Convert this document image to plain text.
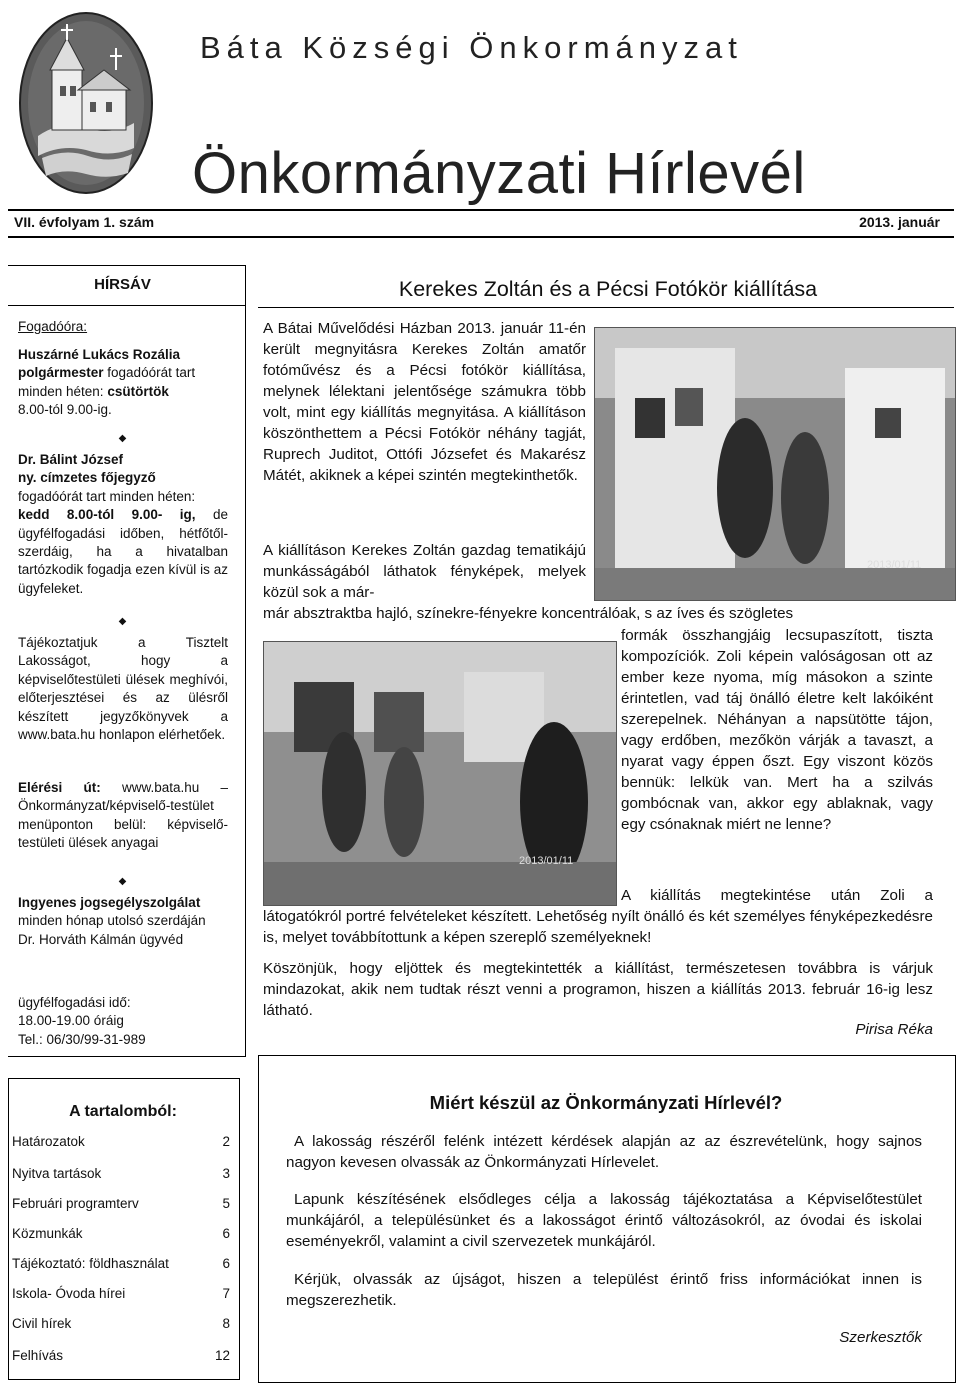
Báta Községi Önkormányzat
Önkormányzati Hírlevél
VII. évfolyam 1. szám	2013. január
HÍRSÁV
Fogadóóra:
Huszárné Lukács Rozália
polgármester fogadóórát tart
minden héten: csütörtök
8.00-tól 9.00-ig.
◆
Dr. Bálint József
ny. címzetes főjegyző
fogadóórát tart minden héten:
kedd 8.00-tól 9.00- ig, de ügyfélfogadási időben, hétfőtől- szerdáig, ha a hivatalban tartózkodik fogadja ezen kívül is az ügyfeleket.
◆
Tájékoztatjuk a Tisztelt Lakosságot, hogy a képviselőtestületi ülések meghívói, előterjesztései és az ülésről készített jegyzőkönyvek a www.bata.hu honlapon elérhetőek.
Elérési út: www.bata.hu – Önkormányzat/képviselő-testület menüponton belül: képviselő-testületi ülések anyagai
◆
Ingyenes jogsegélyszolgálat
minden hónap utolsó szerdáján
Dr. Horváth Kálmán ügyvéd
ügyfélfogadási idő:
18.00-19.00 óráig
Tel.: 06/30/99-31-989
Kerekes Zoltán és a Pécsi Fotókör kiállítása
A Bátai Művelődési Házban 2013. január 11-én került megnyitásra Kerekes Zoltán amatőr fotóművész és a Pécsi fotókör kiállítása, melynek lélektani jelentősége számukra több volt, mint egy kiállítás megnyitása. A kiállításon köszönthettem a Pécsi Fotókör néhány tagját, Ruprech Juditot, Ottófi Józsefet és Makarész Mátét, akiknek a képei szintén megtekinthetők.
A kiállításon Kerekes Zoltán gazdag tematikájú munkásságából láthatok fényképek, melyek közül sok a már-
2013/01/11
már absztraktba hajló, színekre-fényekre koncentrálóak, s az íves és szögletes
2013/01/11
formák összhangjáig lecsupaszított, tiszta kompozíciók. Zoli képein valóságosan ott az ember keze nyoma, míg másokon a szinte érintetlen, vad táj önálló életre kelt lakóiként szerepelnek. Néhányan a napsütötte tájon, vagy erdőben, mezőkön várják a tavaszt, a nyarat vagy éppen őszt. Egy viszont közös bennük: lelkük van. Mert ha a szilvás gombócnak van, akkor egy ablaknak, vagy egy csónaknak miért ne lenne?
A kiállítás megtekintése után Zoli a látogatókról portré felvételeket készített. Lehetőség nyílt önálló és két személyes fényképezkedésre is, melyet továbbítottunk a képen szereplő személyeknek!
Köszönjük, hogy eljöttek és megtekintették a kiállítást, természetesen továbbra is várjuk mindazokat, akik nem tudtak részt venni a programon, hiszen a kiállítás 2013. február 16-ig lesz látható.
Pirisa Réka
A tartalomból:
Határozatok	2
Nyitva tartások	3
Februári programterv	5
Közmunkák	6
Tájékoztató: földhasználat	6
Iskola- Óvoda hírei	7
Civil hírek	8
Felhívás	12
Miért készül az Önkormányzati Hírlevél?
A lakosság részéről felénk intézett kérdések alapján az az észrevételünk, hogy sajnos nagyon kevesen olvassák az Önkormányzati Hírlevelet.
Lapunk készítésének elsődleges célja a lakosság tájékoztatása a Képviselőtestület munkájáról, a településünket és a lakosságot érintő változásokról, az óvodai és iskolai eseményekről, valamint a civil szervezetek munkájáról.
Kérjük, olvassák az újságot, hiszen a települést érintő friss információkat innen is megszerezhetik.
Szerkesztők
